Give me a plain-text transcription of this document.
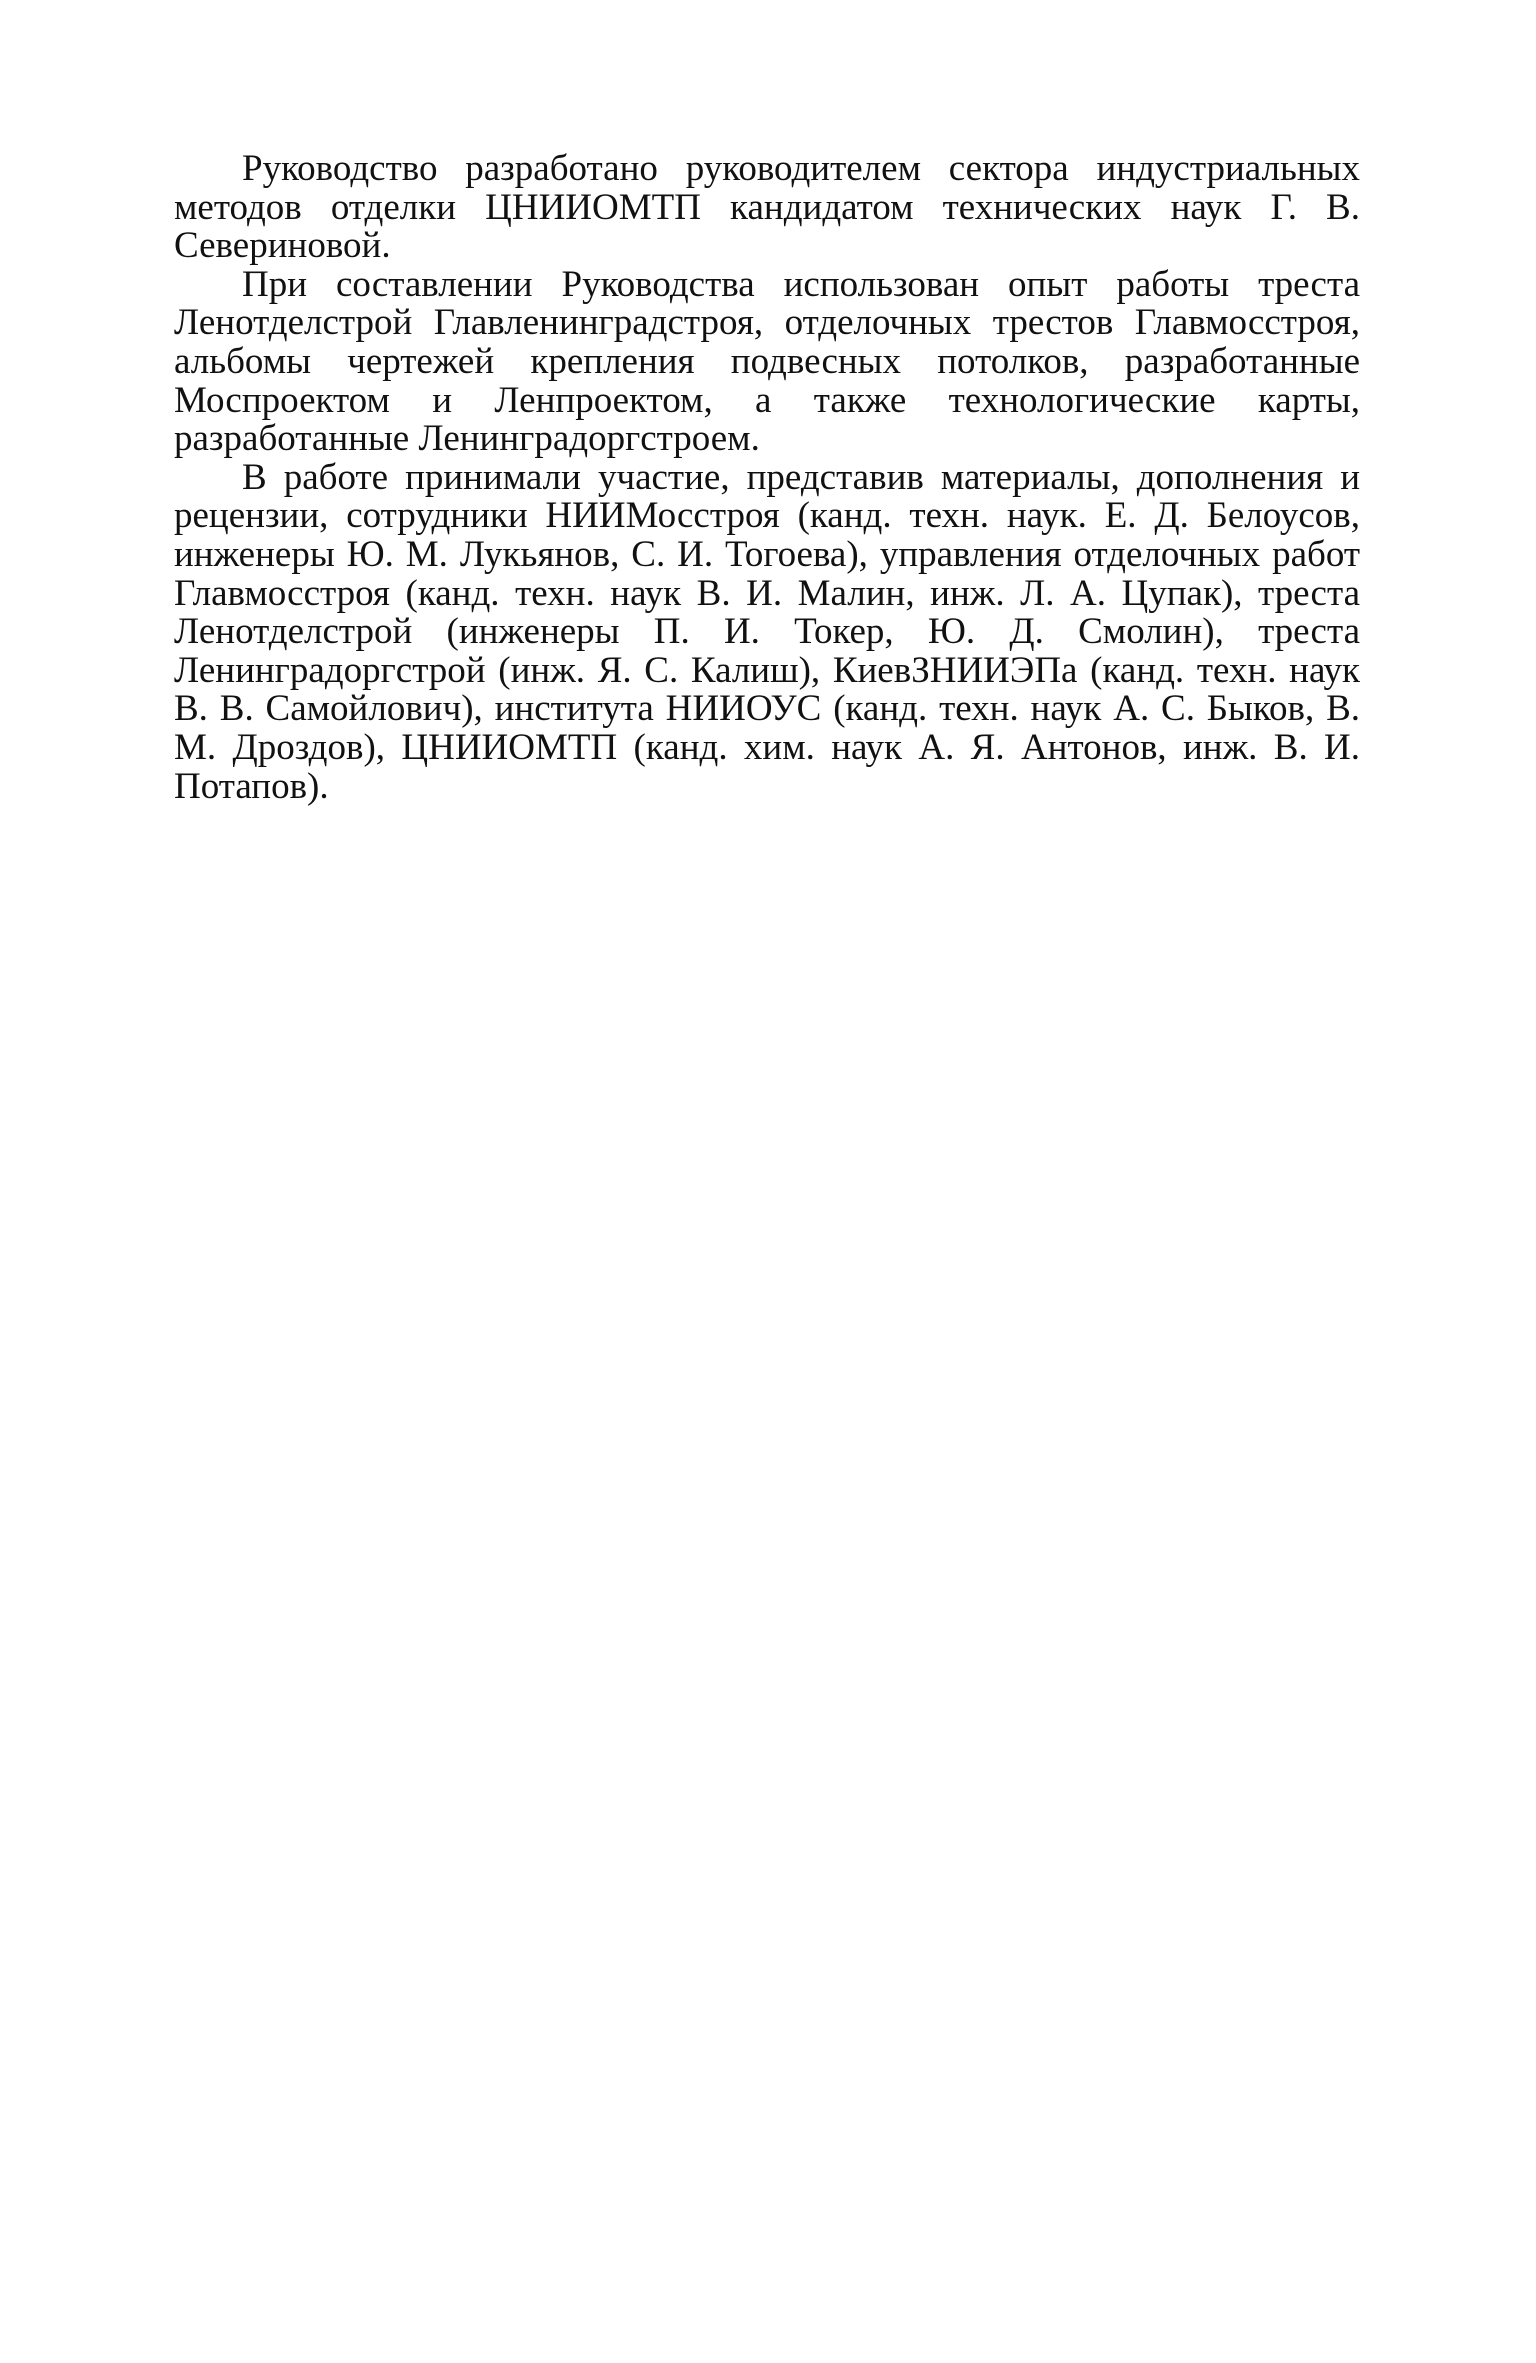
Руководство разработано руководителем сектора индустриальных методов отделки ЦНИИОМТП кандидатом технических наук Г. В. Севериновой.

При составлении Руководства использован опыт работы треста Ленотделстрой Главленинградстроя, отделочных трестов Главмосстроя, альбомы чертежей крепления подвесных потолков, разработанные Моспроектом и Ленпроектом, а также технологические карты, разработанные Ленинградоргстроем.

В работе принимали участие, представив материалы, дополнения и рецензии, сотрудники НИИМосстроя (канд. техн. наук. Е. Д. Белоусов, инженеры Ю. М. Лукьянов, С. И. Тогоева), управления отделочных работ Главмосстроя (канд. техн. наук В. И. Малин, инж. Л. А. Цупак), треста Ленотделстрой (инженеры П. И. Токер, Ю. Д. Смолин), треста Ленинградоргстрой (инж. Я. С. Калиш), КиевЗНИИЭПа (канд. техн. наук В. В. Самойлович), института НИИОУС (канд. техн. наук А. С. Быков, В. М. Дроздов), ЦНИИОМТП (канд. хим. наук А. Я. Антонов, инж. В. И. Потапов).
